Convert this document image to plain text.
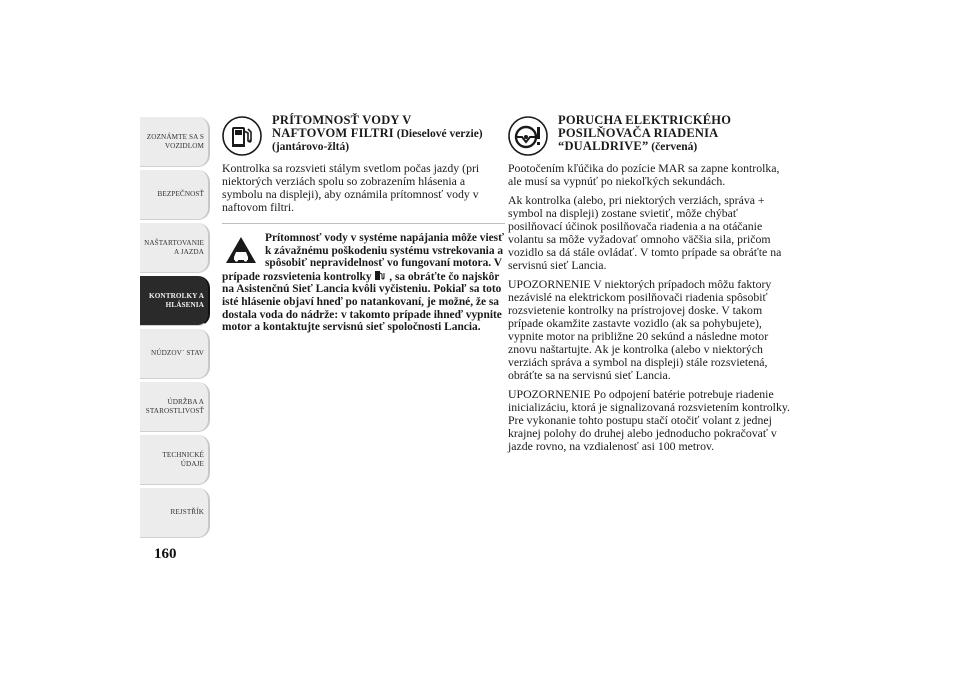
ZOZNÁMTE SA S
VOZIDLOM
BEZPEČNOSŤ
NAŠTARTOVANIE
A JAZDA
KONTROLKY A
HLÁSENIA
NÚDZOV´ STAV
ÚDRŽBA A
STAROSTLIVOSŤ
TECHNICKÉ
ÚDAJE
REJSTŘÍK
160
PRÍTOMNOSŤ VODY V
NAFTOVOM FILTRI (Dieselové verzie) (jantárovo-žltá)

Kontrolka sa rozsvieti stálym svetlom počas jazdy (pri niektorých verziách spolu so zobrazením hlásenia a symbolu na displeji), aby oznámila prítomnosť vody v naftovom filtri.

Prítomnosť vody v systéme napájania môže viesť k závažnému poškodeniu systému vstrekovania a spôsobiť nepravidelnosť vo fungovaní motora. V prípade rozsvietenia kontrolky , sa obráťte čo najskôr na Asistenčnú Sieť Lancia kvôli vyčisteniu. Pokiaľ sa toto isté hlásenie objaví hneď po natankovaní, je možné, že sa dostala voda do nádrže: v takomto prípade ihneď vypnite motor a kontaktujte servisnú sieť spoločnosti Lancia.
PORUCHA ELEKTRICKÉHO
POSILŇOVAČA RIADENIA
“DUALDRIVE” (červená)

Pootočením kľúčika do pozície MAR sa zapne kontrolka, ale musí sa vypnúť po niekoľkých sekundách.

Ak kontrolka (alebo, pri niektorých verziách, správa + symbol na displeji) zostane svietiť, môže chýbať posilňovací účinok posilňovača riadenia a na otáčanie volantu sa môže vyžadovať omnoho väčšia sila, pričom vozidlo sa dá stále ovládať. V tomto prípade sa obráťte na servisnú sieť Lancia.

UPOZORNENIE V niektorých prípadoch môžu faktory nezávislé na elektrickom posilňovači riadenia spôsobiť rozsvietenie kontrolky na prístrojovej doske. V takom prípade okamžite zastavte vozidlo (ak sa pohybujete), vypnite motor na približne 20 sekúnd a následne motor znovu naštartujte. Ak je kontrolka (alebo v niektorých verziách správa a symbol na displeji) stále rozsvietená, obráťte sa na servisnú sieť Lancia.

UPOZORNENIE Po odpojení batérie potrebuje riadenie inicializáciu, ktorá je signalizovaná rozsvietením kontrolky. Pre vykonanie tohto postupu stačí otočiť volant z jednej krajnej polohy do druhej alebo jednoducho pokračovať v jazde rovno, na vzdialenosť asi 100 metrov.
